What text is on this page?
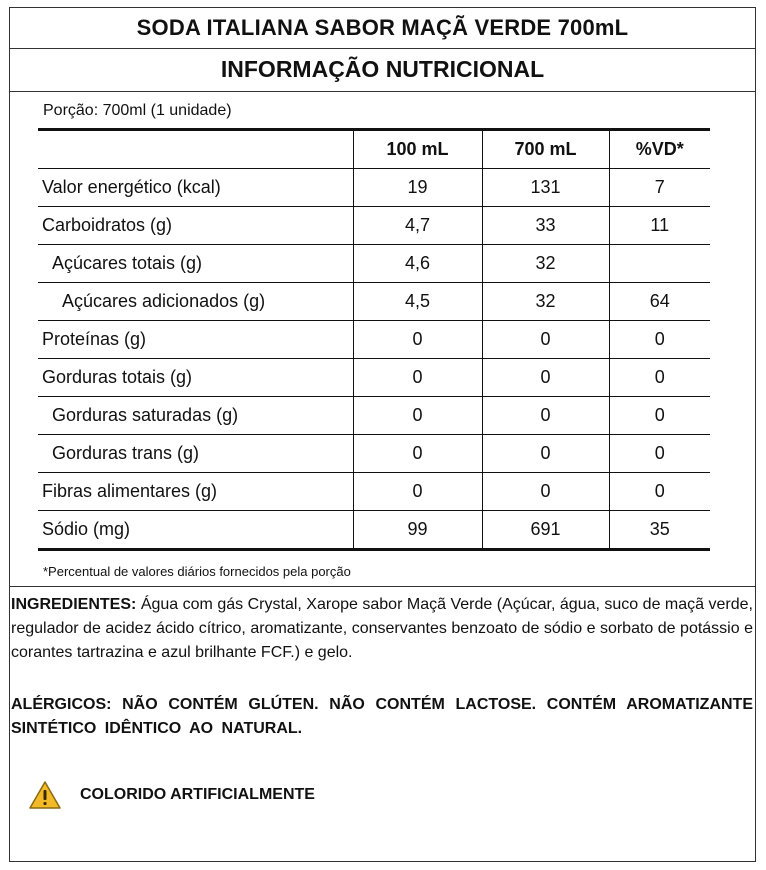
SODA ITALIANA SABOR MAÇÃ VERDE 700mL
INFORMAÇÃO NUTRICIONAL
Porção: 700ml (1 unidade)
	100 mL	700 mL	%VD*
Valor energético (kcal)	19	131	7
Carboidratos (g)	4,7	33	11
Açúcares totais (g)	4,6	32	
Açúcares adicionados (g)	4,5	32	64
Proteínas (g)	0	0	0
Gorduras totais (g)	0	0	0
Gorduras saturadas (g)	0	0	0
Gorduras trans (g)	0	0	0
Fibras alimentares (g)	0	0	0
Sódio (mg)	99	691	35
*Percentual de valores diários fornecidos pela porção
INGREDIENTES: Água com gás Crystal, Xarope sabor Maçã Verde (Açúcar, água, suco de maçã verde, regulador de acidez ácido cítrico, aromatizante, conservantes benzoato de sódio e sorbato de potássio e corantes tartrazina e azul brilhante FCF.) e gelo.
ALÉRGICOS: NÃO CONTÉM GLÚTEN. NÃO CONTÉM LACTOSE. CONTÉM AROMATIZANTE SINTÉTICO IDÊNTICO AO NATURAL.
COLORIDO ARTIFICIALMENTE
